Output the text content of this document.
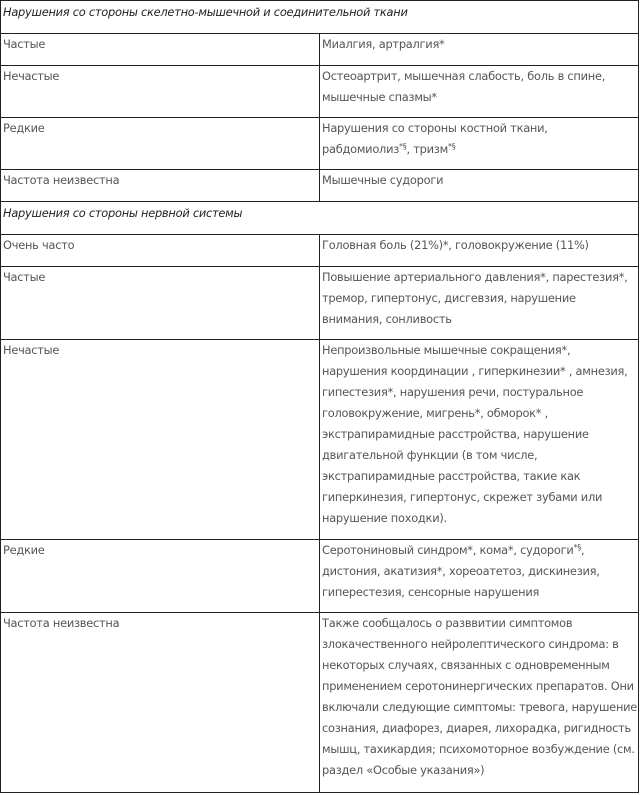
Нарушения со стороны скелетно-мышечной и соединительной ткани	
Частые	Миалгия, артралгия*
Нечастые	Остеоартрит, мышечная слабость, боль в спине, мышечные спазмы*
Редкие	Нарушения со стороны костной ткани, рабдомиолиз*§, тризм*§
Частота неизвестна	Мышечные судороги
Нарушения со стороны нервной системы	
Очень часто	Головная боль (21%)*, головокружение (11%)
Частые	Повышение артериального давления*, парестезия*, тремор, гипертонус, дисгевзия, нарушение внимания, сонливость
Нечастые	Непроизвольные мышечные сокращения*, нарушения координации , гиперкинезии* , амнезия, гипестезия*, нарушения речи, постуральное головокружение, мигрень*, обморок* , экстрапирамидные расстройства, нарушение двигательной функции (в том числе, экстрапирамидные расстройства, такие как гиперкинезия, гипертонус, скрежет зубами или нарушение походки).
Редкие	Серотониновый синдром*, кома*, судороги*§, дистония, акатизия*, хореоатетоз, дискинезия, гиперестезия, сенсорные нарушения
Частота неизвестна	Также сообщалось о разввитии симптомов злокачественного нейролептического синдрома: в некоторых случаях, связанных с одновременным применением серотонинергических препаратов. Они включали следующие симптомы: тревога, нарушение сознания, диафорез, диарея, лихорадка, ригидность мышц, тахикардия; психомоторное возбуждение (см. раздел «Особые указания»)
